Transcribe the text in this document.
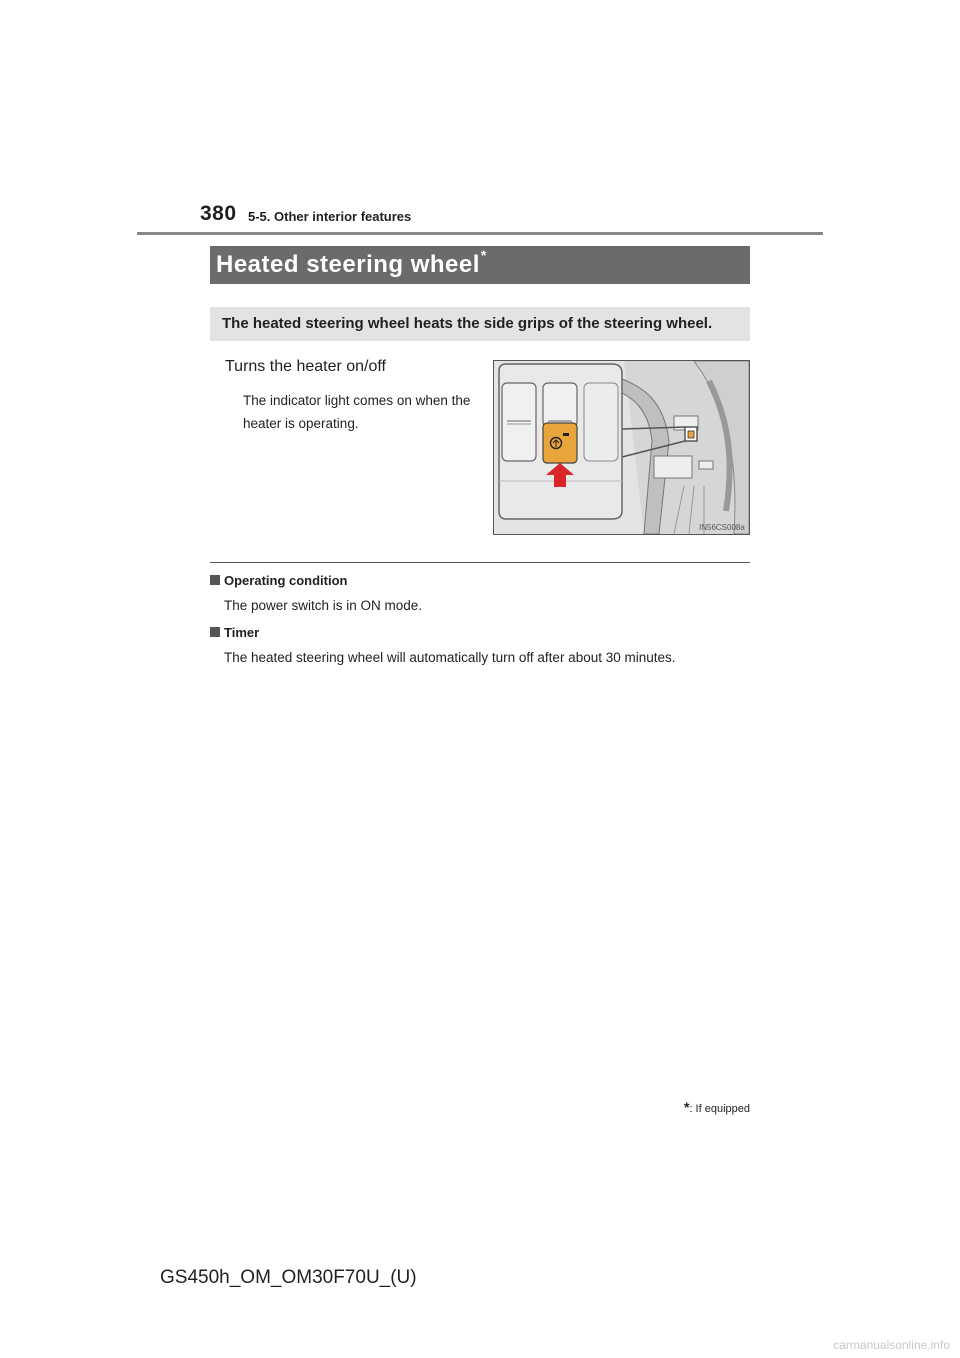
380 5-5. Other interior features
Heated steering wheel*
The heated steering wheel heats the side grips of the steering wheel.
Turns the heater on/off
The indicator light comes on when the heater is operating.
IN56CS008a
Operating condition
The power switch is in ON mode.
Timer
The heated steering wheel will automatically turn off after about 30 minutes.
*: If equipped
GS450h_OM_OM30F70U_(U)
carmanualsonline.info
